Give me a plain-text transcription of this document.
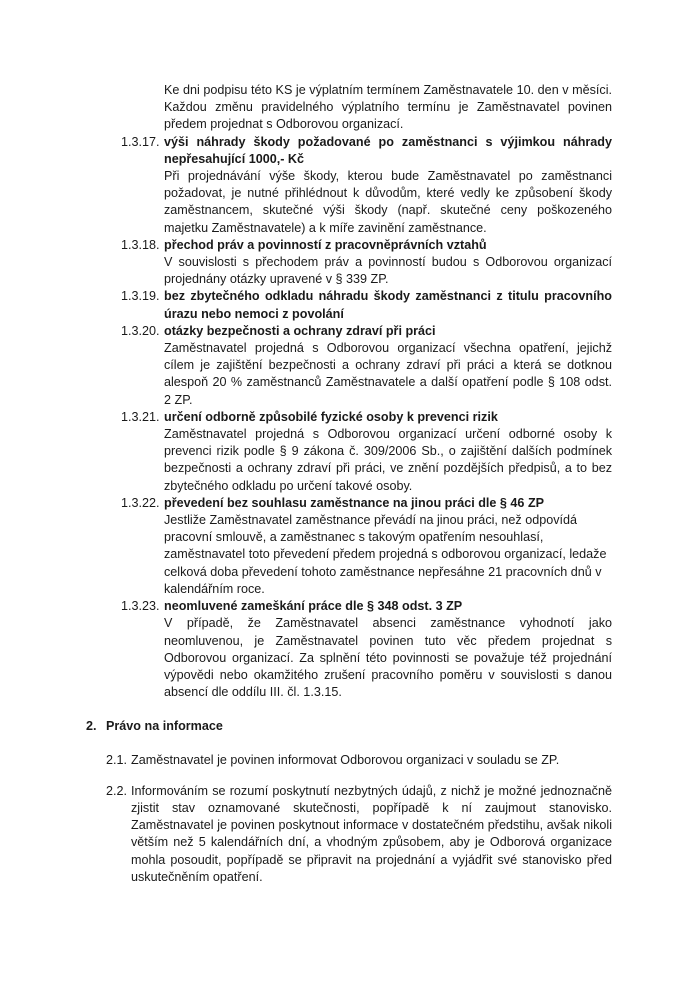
Ke dni podpisu této KS je výplatním termínem Zaměstnavatele 10. den v měsíci. Každou změnu pravidelného výplatního termínu je Zaměstnavatel povinen předem projednat s Odborovou organizací.
1.3.17. výši náhrady škody požadované po zaměstnanci s výjimkou náhrady nepřesahující 1000,- Kč
Při projednávání výše škody, kterou bude Zaměstnavatel po zaměstnanci požadovat, je nutné přihlédnout k důvodům, které vedly ke způsobení škody zaměstnancem, skutečné výši škody (např. skutečné ceny poškozeného majetku Zaměstnavatele) a k míře zavinění zaměstnance.
1.3.18. přechod práv a povinností z pracovněprávních vztahů
V souvislosti s přechodem práv a povinností budou s Odborovou organizací projednány otázky upravené v § 339 ZP.
1.3.19. bez zbytečného odkladu náhradu škody zaměstnanci z titulu pracovního úrazu nebo nemoci z povolání
1.3.20. otázky bezpečnosti a ochrany zdraví při práci
Zaměstnavatel projedná s Odborovou organizací všechna opatření, jejichž cílem je zajištění bezpečnosti a ochrany zdraví při práci a která se dotknou alespoň 20 % zaměstnanců Zaměstnavatele a další opatření podle § 108 odst. 2 ZP.
1.3.21. určení odborně způsobilé fyzické osoby k prevenci rizik
Zaměstnavatel projedná s Odborovou organizací určení odborné osoby k prevenci rizik podle § 9 zákona č. 309/2006 Sb., o zajištění dalších podmínek bezpečnosti a ochrany zdraví při práci, ve znění pozdějších předpisů, a to bez zbytečného odkladu po určení takové osoby.
1.3.22. převedení bez souhlasu zaměstnance na jinou práci dle § 46 ZP
Jestliže Zaměstnavatel zaměstnance převádí na jinou práci, než odpovídá pracovní smlouvě, a zaměstnanec s takovým opatřením nesouhlasí, zaměstnavatel toto převedení předem projedná s odborovou organizací, ledaže celková doba převedení tohoto zaměstnance nepřesáhne 21 pracovních dnů v kalendářním roce.
1.3.23. neomluvené zameškání práce dle § 348 odst. 3 ZP
V případě, že Zaměstnavatel absenci zaměstnance vyhodnotí jako neomluvenou, je Zaměstnavatel povinen tuto věc předem projednat s Odborovou organizací. Za splnění této povinnosti se považuje též projednání výpovědi nebo okamžitého zrušení pracovního poměru v souvislosti s danou absencí dle oddílu III. čl. 1.3.15.
2. Právo na informace
2.1. Zaměstnavatel je povinen informovat Odborovou organizaci v souladu se ZP.
2.2. Informováním se rozumí poskytnutí nezbytných údajů, z nichž je možné jednoznačně zjistit stav oznamované skutečnosti, popřípadě k ní zaujmout stanovisko. Zaměstnavatel je povinen poskytnout informace v dostatečném předstihu, avšak nikoli větším než 5 kalendářních dní, a vhodným způsobem, aby je Odborová organizace mohla posoudit, popřípadě se připravit na projednání a vyjádřit své stanovisko před uskutečněním opatření.
